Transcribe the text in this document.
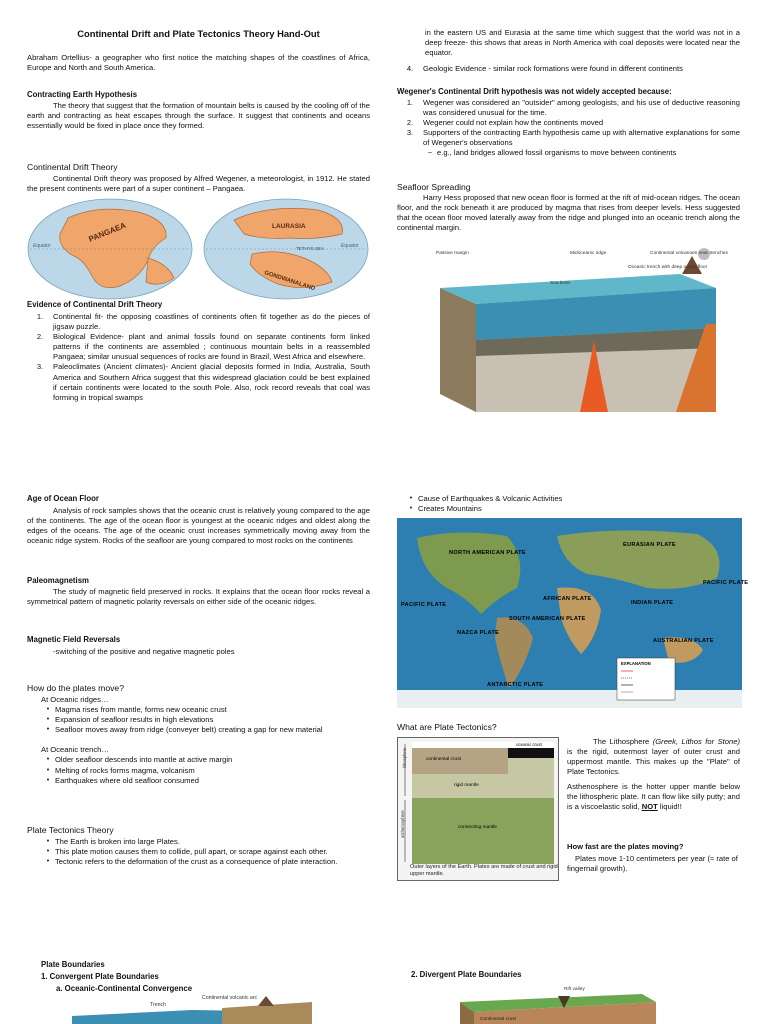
Continental Drift and Plate Tectonics Theory Hand-Out

Abraham Ortellius- a geographer who first notice the matching shapes of the coastlines of Africa, Europe and North and South America.

Contracting Earth Hypothesis

The theory that suggest that the formation of mountain belts is caused by the cooling off of the earth and contracting as heat escapes through the surface. It suggest that continents and oceans essentially would be fixed in place once they formed.

Continental Drift Theory

Continental Drift theory was proposed by Alfred Wegener, a meteorologist, in 1912. He stated the present continents were part of a super continent – Pangaea.

Equator
PANGAEA
Equator
LAURASIA
TETHYS SEA
GONDWANALAND
Evidence of Continental Drift Theory
1.	Continental fit- the opposing coastlines of continents often fit together as do the pieces of jigsaw puzzle.
2.	Biological Evidence- plant and animal fossils found on separate continents form linked patterns if the continents are assembled ; continuous mountain belts in a reassembled Pangaea; similar unusual sequences of rocks are found in Brazil, West Africa and elsewhere.
3.	Paleoclimates (Ancient climates)- Ancient glacial deposits formed in India, Australia, South America and Southern Africa suggest that this widespread glaciation could be best explained if certain continents were located to the south Pole. Also, rock record reveals that coal was forming in tropical swamps

in the eastern US and Eurasia at the same time which suggest that the world was not in a deep freeze- this shows that areas in North America with coal deposits were located near the equator.

4.	Geologic Evidence - similar rock formations were found in different continents
Wegener's Continental Drift hypothesis was not widely accepted because:
1.	Wegener was considered an "outsider" among geologists, and his use of deductive reasoning was considered unusual for the time.
2.	Wegener could not explain how the continents moved
3.	Supporters of the contracting Earth hypothesis came up with alternative explanations for some of Wegener's observations
– e.g., land bridges allowed fossil organisms to move between continents
Seafloor Spreading

Harry Hess proposed that new ocean floor is formed at the rift of mid-ocean ridges. The ocean floor, and the rock beneath it are produced by magma that rises from deeper levels. Hess suggested that the ocean floor moved laterally away from the ridge and plunged into an oceanic trench along the continental margin.

Passive margin	Midoceanic ridge
Sea level
Oceanic trench with deep ocean floor
Continental volcanoes near trenches
Age of Ocean Floor

Analysis of rock samples shows that the oceanic crust is relatively young compared to the age of the continents. The age of the ocean floor is youngest at the oceanic ridges and oldest along the edges of the oceans. The age of the oceanic crust increases symmetrically moving away from the oceanic ridge system. Rocks of the seafloor are young compared to most rocks on the continents

Paleomagnetism

The study of magnetic field preserved in rocks. It explains that the ocean floor rocks reveal a symmetrical pattern of magnetic polarity reversals on either side of the oceanic ridges.

Magnetic Field Reversals

-switching of the positive and negative magnetic poles

How do the plates move?
At Oceanic ridges…
• Magma rises from mantle, forms new oceanic crust
• Expansion of seafloor results in high elevations
• Seafloor moves away from ridge (conveyer belt) creating a gap for new material
At Oceanic trench…
• Older seafloor descends into mantle at active margin
• Melting of rocks forms magma, volcanism
• Earthquakes where old seafloor consumed
Plate Tectonics Theory
• The Earth is broken into large Plates.
• This plate motion causes them to collide, pull apart, or scrape against each other.
• Tectonic refers to the deformation of the crust as a consequence of plate interaction.
• Cause of Earthquakes & Volcanic Activities
• Creates Mountains
EXPLANATION
NORTH AMERICAN PLATE
EURASIAN PLATE
PACIFIC PLATE
AFRICAN PLATE
INDIAN PLATE
PACIFIC PLATE
NAZCA PLATE
SOUTH AMERICAN PLATE
AUSTRALIAN PLATE
ANTARCTIC PLATE
What are Plate Tectonics?
lithosphere
asthenosphere
oceanic crust
continental crust
rigid mantle
connecting mantle
Outer layers of the Earth. Plates are made of crust and rigid upper mantle.
The Lithosphere (Greek, Lithos for Stone) is the rigid, outermost layer of outer crust and uppermost mantle. This makes up the "Plate" of Plate Tectonics.
Asthenosphere is the hotter upper mantle below the lithospheric plate. It can flow like silly putty; and is a viscoelastic solid, NOT liquid!!
How fast are the plates moving?
Plates move 1-10 centimeters per year (≈ rate of fingernail growth).
Plate Boundaries
1. Convergent Plate Boundaries
a. Oceanic-Continental Convergence
Trench
Continental volcanic arc
2. Divergent Plate Boundaries
Rift valley
Continental crust
